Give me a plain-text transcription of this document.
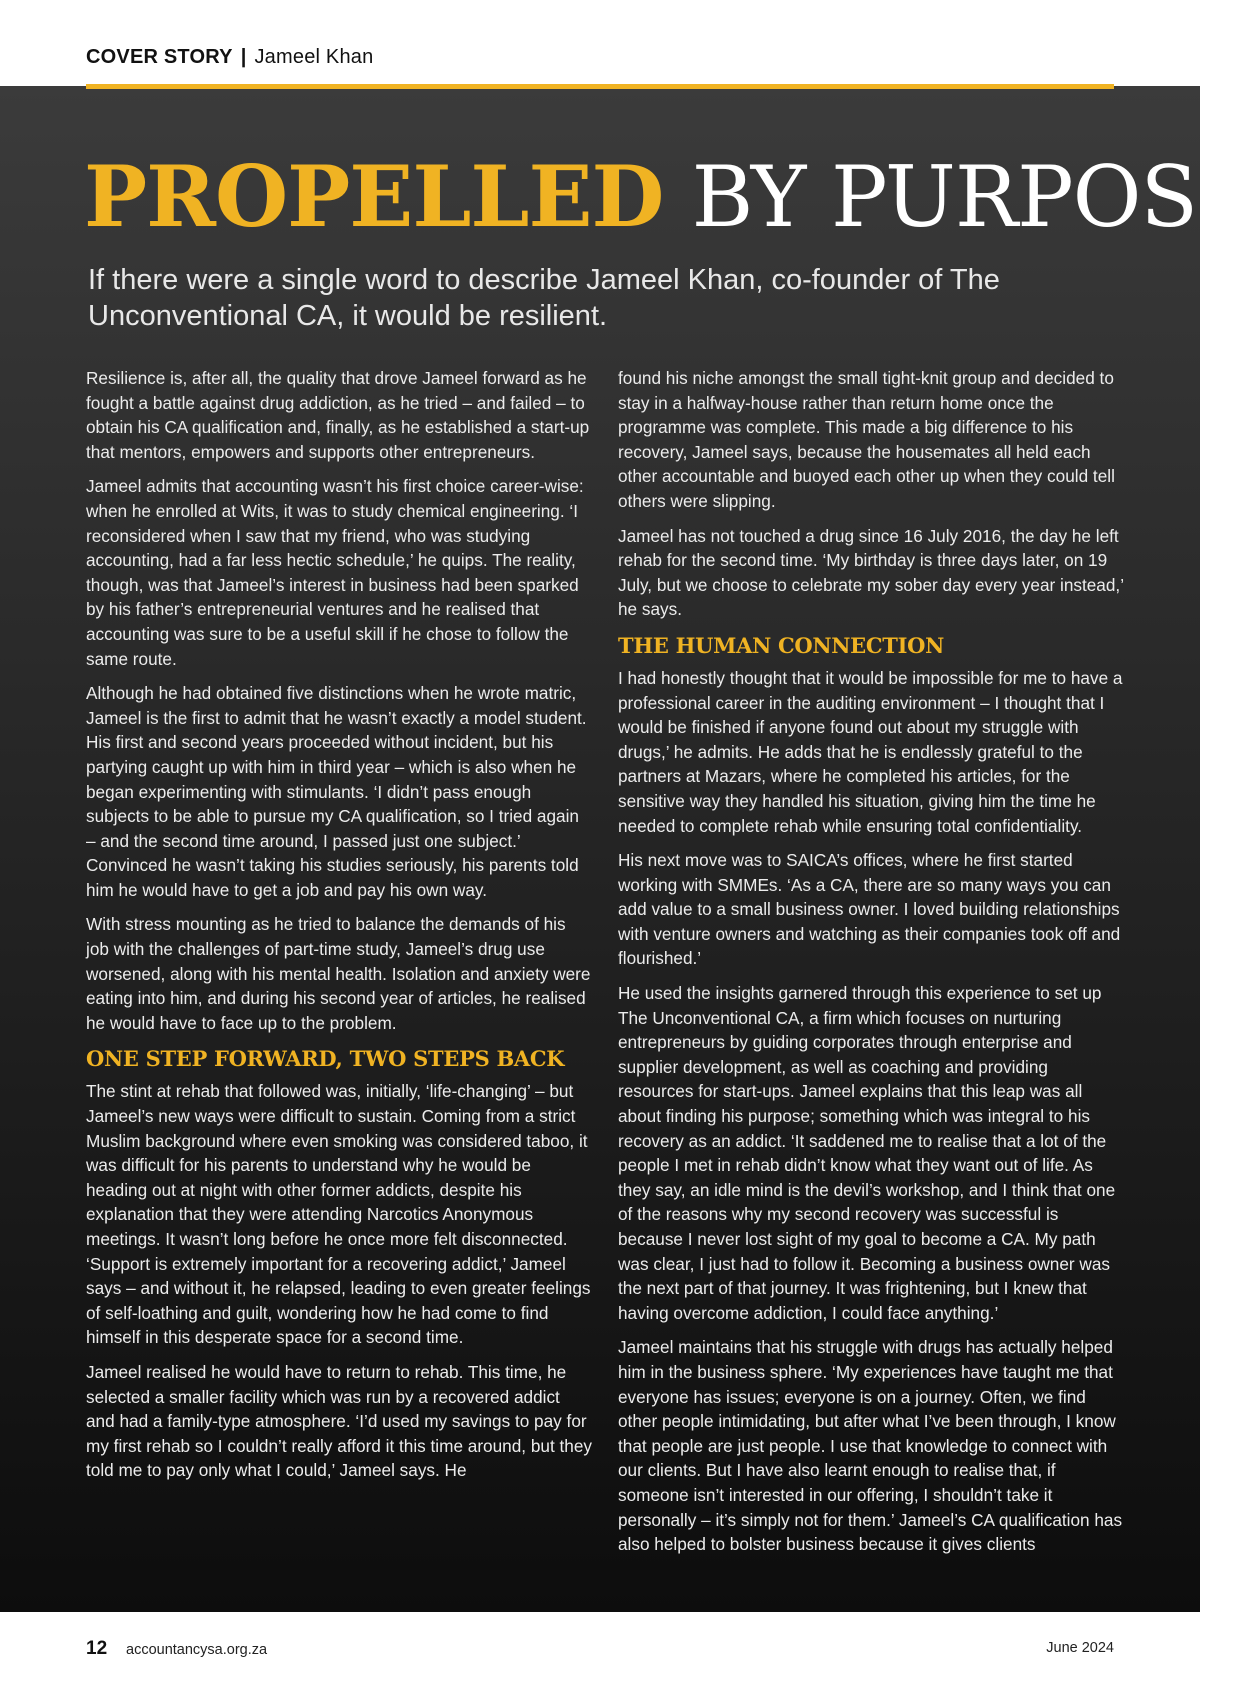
COVER STORY | Jameel Khan
PROPELLED BY PURPOSE

If there were a single word to describe Jameel Khan, co-founder of The Unconventional CA, it would be resilient.

Resilience is, after all, the quality that drove Jameel forward as he fought a battle against drug addiction, as he tried – and failed – to obtain his CA qualification and, finally, as he established a start-up that mentors, empowers and supports other entrepreneurs.

Jameel admits that accounting wasn’t his first choice career-wise: when he enrolled at Wits, it was to study chemical engineering. ‘I reconsidered when I saw that my friend, who was studying accounting, had a far less hectic schedule,’ he quips. The reality, though, was that Jameel’s interest in business had been sparked by his father’s entrepreneurial ventures and he realised that accounting was sure to be a useful skill if he chose to follow the same route.

Although he had obtained five distinctions when he wrote matric, Jameel is the first to admit that he wasn’t exactly a model student. His first and second years proceeded without incident, but his partying caught up with him in third year – which is also when he began experimenting with stimulants. ‘I didn’t pass enough subjects to be able to pursue my CA qualification, so I tried again – and the second time around, I passed just one subject.’ Convinced he wasn’t taking his studies seriously, his parents told him he would have to get a job and pay his own way.

With stress mounting as he tried to balance the demands of his job with the challenges of part-time study, Jameel’s drug use worsened, along with his mental health. Isolation and anxiety were eating into him, and during his second year of articles, he realised he would have to face up to the problem.

ONE STEP FORWARD, TWO STEPS BACK

The stint at rehab that followed was, initially, ‘life-changing’ – but Jameel’s new ways were difficult to sustain. Coming from a strict Muslim background where even smoking was considered taboo, it was difficult for his parents to understand why he would be heading out at night with other former addicts, despite his explanation that they were attending Narcotics Anonymous meetings. It wasn’t long before he once more felt disconnected. ‘Support is extremely important for a recovering addict,’ Jameel says – and without it, he relapsed, leading to even greater feelings of self-loathing and guilt, wondering how he had come to find himself in this desperate space for a second time.

Jameel realised he would have to return to rehab. This time, he selected a smaller facility which was run by a recovered addict and had a family-type atmosphere. ‘I’d used my savings to pay for my first rehab so I couldn’t really afford it this time around, but they told me to pay only what I could,’ Jameel says. He

found his niche amongst the small tight-knit group and decided to stay in a halfway-house rather than return home once the programme was complete. This made a big difference to his recovery, Jameel says, because the housemates all held each other accountable and buoyed each other up when they could tell others were slipping.

Jameel has not touched a drug since 16 July 2016, the day he left rehab for the second time. ‘My birthday is three days later, on 19 July, but we choose to celebrate my sober day every year instead,’ he says.

THE HUMAN CONNECTION

I had honestly thought that it would be impossible for me to have a professional career in the auditing environment – I thought that I would be finished if anyone found out about my struggle with drugs,’ he admits. He adds that he is endlessly grateful to the partners at Mazars, where he completed his articles, for the sensitive way they handled his situation, giving him the time he needed to complete rehab while ensuring total confidentiality.

His next move was to SAICA’s offices, where he first started working with SMMEs. ‘As a CA, there are so many ways you can add value to a small business owner. I loved building relationships with venture owners and watching as their companies took off and flourished.’

He used the insights garnered through this experience to set up The Unconventional CA, a firm which focuses on nurturing entrepreneurs by guiding corporates through enterprise and supplier development, as well as coaching and providing resources for start-ups. Jameel explains that this leap was all about finding his purpose; something which was integral to his recovery as an addict. ‘It saddened me to realise that a lot of the people I met in rehab didn’t know what they want out of life. As they say, an idle mind is the devil’s workshop, and I think that one of the reasons why my second recovery was successful is because I never lost sight of my goal to become a CA. My path was clear, I just had to follow it. Becoming a business owner was the next part of that journey. It was frightening, but I knew that having overcome addiction, I could face anything.’

Jameel maintains that his struggle with drugs has actually helped him in the business sphere. ‘My experiences have taught me that everyone has issues; everyone is on a journey. Often, we find other people intimidating, but after what I’ve been through, I know that people are just people. I use that knowledge to connect with our clients. But I have also learnt enough to realise that, if someone isn’t interested in our offering, I shouldn’t take it personally – it’s simply not for them.’ Jameel’s CA qualification has also helped to bolster business because it gives clients

12 accountancysa.org.za	June 2024
